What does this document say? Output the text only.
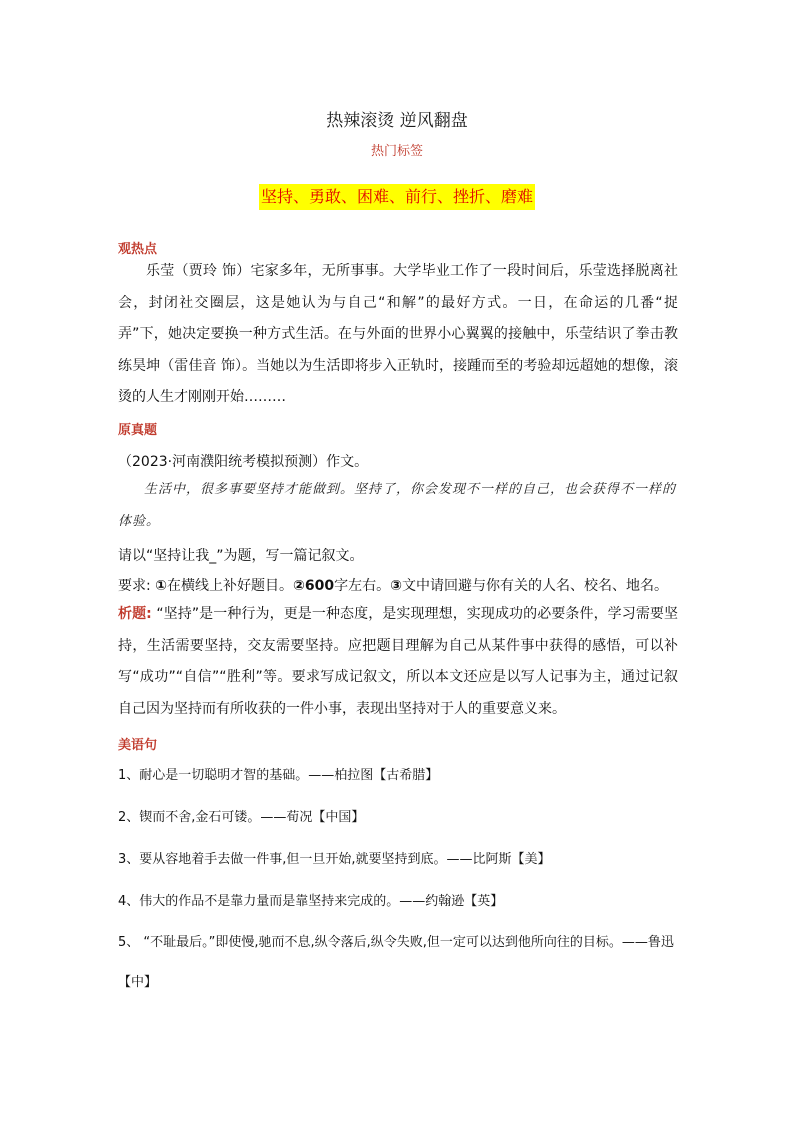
热辣滚烫 逆风翻盘
热门标签
坚持、勇敢、困难、前行、挫折、磨难
观热点
乐莹（贾玲 饰）宅家多年，无所事事。大学毕业工作了一段时间后，乐莹选择脱离社会，封闭社交圈层，这是她认为与自己“和解”的最好方式。一日，在命运的几番“捉弄”下，她决定要换一种方式生活。在与外面的世界小心翼翼的接触中，乐莹结识了拳击教练昊坤（雷佳音 饰）。当她以为生活即将步入正轨时，接踵而至的考验却远超她的想像，滚烫的人生才刚刚开始………
原真题
（2023·河南濮阳统考模拟预测）作文。
生活中，很多事要坚持才能做到。坚持了，你会发现不一样的自己，也会获得不一样的体验。
请以“坚持让我_”为题，写一篇记叙文。
要求: ①在横线上补好题目。②600字左右。③文中请回避与你有关的人名、校名、地名。
析题: “坚持”是一种行为，更是一种态度，是实现理想，实现成功的必要条件，学习需要坚持，生活需要坚持，交友需要坚持。应把题目理解为自己从某件事中获得的感悟，可以补写“成功”“自信”“胜利”等。要求写成记叙文，所以本文还应是以写人记事为主，通过记叙自己因为坚持而有所收获的一件小事，表现出坚持对于人的重要意义来。
美语句
1、耐心是一切聪明才智的基础。——柏拉图【古希腊】
2、锲而不舍,金石可镂。——荀况【中国】
3、要从容地着手去做一件事,但一旦开始,就要坚持到底。——比阿斯【美】
4、伟大的作品不是靠力量而是靠坚持来完成的。——约翰逊【英】
5、 “不耻最后。”即使慢,驰而不息,纵令落后,纵令失败,但一定可以达到他所向往的目标。——鲁迅【中】
